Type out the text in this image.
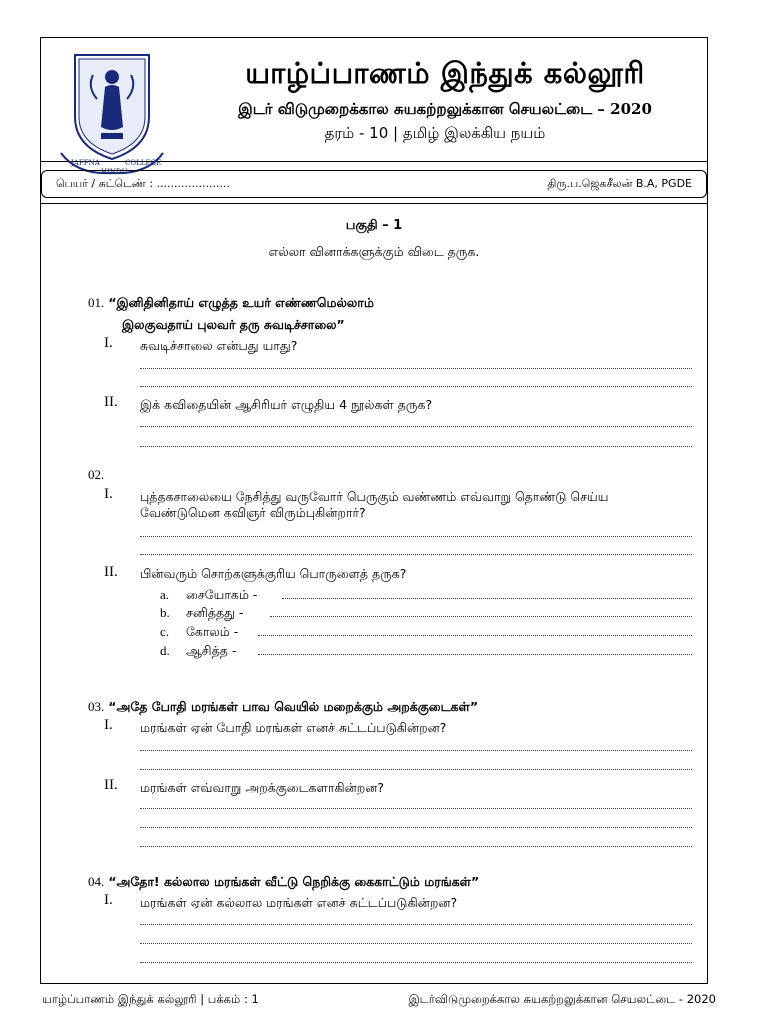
JAFFNA	COLLEGE
HINDU
யாழ்ப்பாணம் இந்துக் கல்லூரி
இடர் விடுமுறைக்கால சுயகற்றலுக்கான செயலட்டை – 2020
தரம் - 10 | தமிழ் இலக்கிய நயம்
பெயர் / சுட்டெண் : .....................	திரு.ப.ஜெகசீலன் B.A, PGDE
பகுதி – 1
எல்லா வினாக்களுக்கும் விடை தருக.
01. “இனிதினிதாய் எழுத்த உயர் எண்ணமெல்லாம்
இலகுவதாய் புலவர் தரு சுவடிச்சாலை”
I. சுவடிச்சாலை என்பது யாது?
II. இக் கவிதையின் ஆசிரியர் எழுதிய 4 நூல்கள் தருக?
02.
I. புத்தகசாலையை நேசித்து வருவோர் பெருகும் வண்ணம் எவ்வாறு தொண்டு செய்ய
வேண்டுமென கவிஞர் விரும்புகின்றார்?
II. பின்வரும் சொற்களுக்குரிய பொருளைத் தருக?
a.	சையோகம் -
b.	சனித்தது -
c.	கோலம் -
d.	ஆசித்த -
03. “அதே போதி மரங்கள் பாவ வெயில் மறைக்கும் அறக்குடைகள்”
I. மரங்கள் ஏன் போதி மரங்கள் எனச் சுட்டப்படுகின்றன?
II. மரங்கள் எவ்வாறு அறக்குடைகளாகின்றன?
04. “அதோ! கல்லால மரங்கள் வீட்டு நெறிக்கு கைகாட்டும் மரங்கள்”
I. மரங்கள் ஏன் கல்லால மரங்கள் எனச் சுட்டப்படுகின்றன?
யாழ்ப்பாணம் இந்துக் கல்லூரி | பக்கம் : 1	இடர்விடுமுறைக்கால சுயகற்றலுக்கான செயலட்டை - 2020
